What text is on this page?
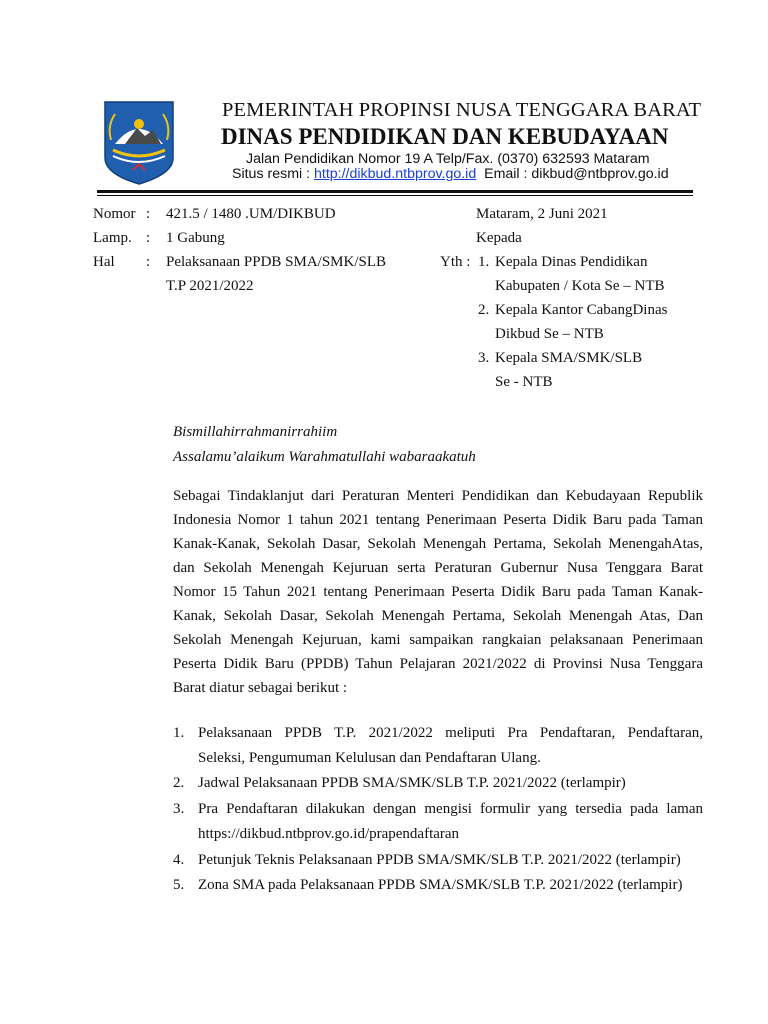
PEMERINTAH PROPINSI NUSA TENGGARA BARAT
DINAS PENDIDIKAN DAN KEBUDAYAAN
Jalan Pendidikan Nomor 19 A Telp/Fax. (0370) 632593 Mataram
Situs resmi : http://dikbud.ntbprov.go.id Email : dikbud@ntbprov.go.id
Nomor : 421.5 / 1480 .UM/DIKBUD
Lamp. : 1 Gabung
Hal : Pelaksanaan PPDB SMA/SMK/SLB
T.P 2021/2022
Mataram, 2 Juni 2021
Kepada
Yth : 1. Kepala Dinas Pendidikan
Kabupaten / Kota Se – NTB
2. Kepala Kantor CabangDinas
Dikbud Se – NTB
3. Kepala SMA/SMK/SLB
Se - NTB
Bismillahirrahmanirrahiim
Assalamu’alaikum Warahmatullahi wabaraakatuh
Sebagai Tindaklanjut dari Peraturan Menteri Pendidikan dan Kebudayaan Republik Indonesia Nomor 1 tahun 2021 tentang Penerimaan Peserta Didik Baru pada Taman Kanak-Kanak, Sekolah Dasar, Sekolah Menengah Pertama, Sekolah MenengahAtas, dan Sekolah Menengah Kejuruan serta Peraturan Gubernur Nusa Tenggara Barat Nomor 15 Tahun 2021 tentang Penerimaan Peserta Didik Baru pada Taman Kanak-Kanak, Sekolah Dasar, Sekolah Menengah Pertama, Sekolah Menengah Atas, Dan Sekolah Menengah Kejuruan, kami sampaikan rangkaian pelaksanaan Penerimaan Peserta Didik Baru (PPDB) Tahun Pelajaran 2021/2022 di Provinsi Nusa Tenggara Barat diatur sebagai berikut :
1. Pelaksanaan PPDB T.P. 2021/2022 meliputi Pra Pendaftaran, Pendaftaran,
Seleksi, Pengumuman Kelulusan dan Pendaftaran Ulang.
2. Jadwal Pelaksanaan PPDB SMA/SMK/SLB T.P. 2021/2022 (terlampir)
3. Pra Pendaftaran dilakukan dengan mengisi formulir yang tersedia pada laman
https://dikbud.ntbprov.go.id/prapendaftaran
4. Petunjuk Teknis Pelaksanaan PPDB SMA/SMK/SLB T.P. 2021/2022 (terlampir)
5. Zona SMA pada Pelaksanaan PPDB SMA/SMK/SLB T.P. 2021/2022 (terlampir)
